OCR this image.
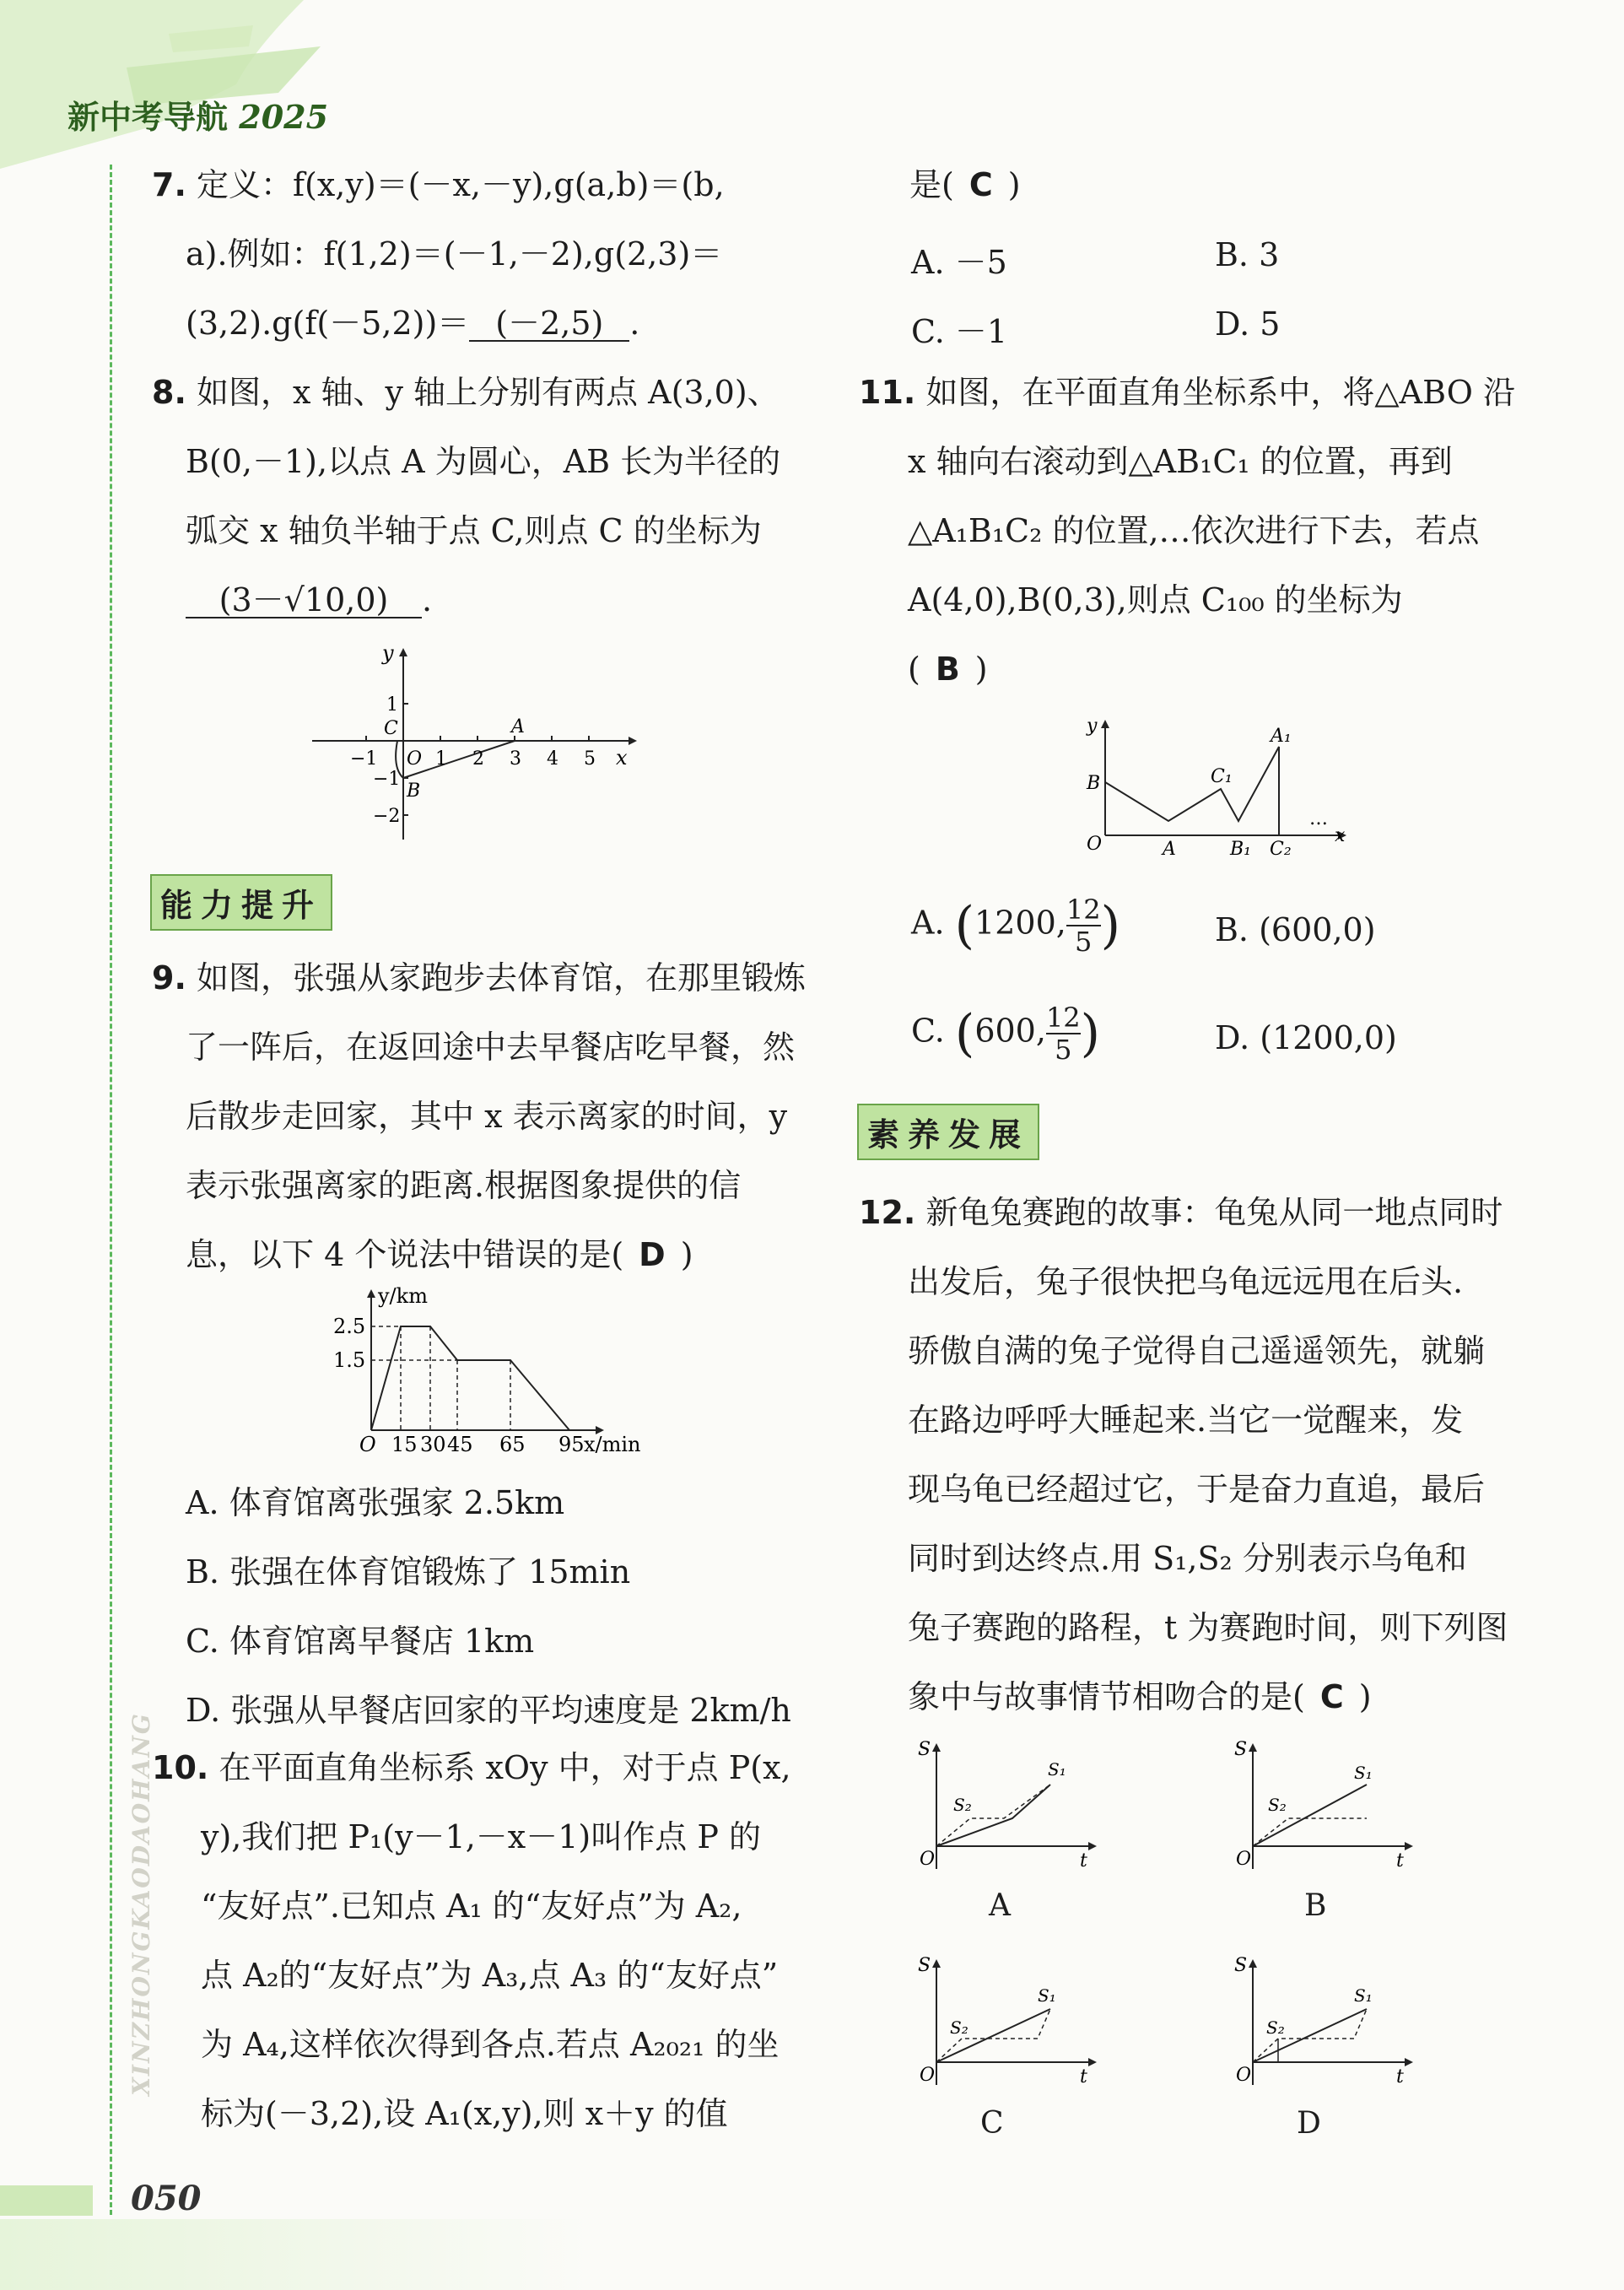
新中考导航 2025
XINZHONGKAODAOHANG
050

7. 定义：f(x,y)＝(－x,－y),g(a,b)＝(b,

a).例如：f(1,2)＝(－1,－2),g(2,3)＝

(3,2).g(f(－5,2))＝ (－2,5) .

8. 如图，x 轴、y 轴上分别有两点 A(3,0)、

B(0,－1),以点 A 为圆心，AB 长为半径的

弧交 x 轴负半轴于点 C,则点 C 的坐标为

(3－√10,0) .

y
x
1
−1
−2
−1 O 1 2 3 4 5
A
B
C
能力提升

9. 如图，张强从家跑步去体育馆，在那里锻炼

了一阵后，在返回途中去早餐店吃早餐，然

后散步走回家，其中 x 表示离家的时间，y

表示张强离家的距离.根据图象提供的信

息，以下 4 个说法中错误的是( D )

y/km
x/min
2.5
1.5
O 15 30 45 65 95
A. 体育馆离张强家 2.5km
B. 张强在体育馆锻炼了 15min
C. 体育馆离早餐店 1km
D. 张强从早餐店回家的平均速度是 2km/h

10. 在平面直角坐标系 xOy 中，对于点 P(x,

y),我们把 P₁(y－1,－x－1)叫作点 P 的

“友好点”.已知点 A₁ 的“友好点”为 A₂,

点 A₂的“友好点”为 A₃,点 A₃ 的“友好点”

为 A₄,这样依次得到各点.若点 A₂₀₂₁ 的坐

标为(－3,2),设 A₁(x,y),则 x＋y 的值

是( C )

A. －5	B. 3
C. －1	D. 5

11. 如图，在平面直角坐标系中，将△ABO 沿

x 轴向右滚动到△AB₁C₁ 的位置，再到

△A₁B₁C₂ 的位置,…依次进行下去，若点

A(4,0),B(0,3),则点 C₁₀₀ 的坐标为

( B )

y
x
B
O	A
C₁
B₁
A₁
C₂
…
A. (1200, $\frac{12}{5}$ )	B. (600,0)
C. (600, $\frac{12}{5}$ )	D. (1200,0)
素养发展

12. 新龟兔赛跑的故事：龟兔从同一地点同时

出发后，兔子很快把乌龟远远甩在后头.

骄傲自满的兔子觉得自己遥遥领先，就躺

在路边呼呼大睡起来.当它一觉醒来，发

现乌龟已经超过它，于是奋力直追，最后

同时到达终点.用 S₁,S₂ 分别表示乌龟和

兔子赛跑的路程，t 为赛跑时间，则下列图

象中与故事情节相吻合的是( C )

S
S₁
S₂
O	t
A
S
S₁
S₂
O	t
B
S
S₁
S₂
O	t
C
S
S₁
S₂
O	t
D
